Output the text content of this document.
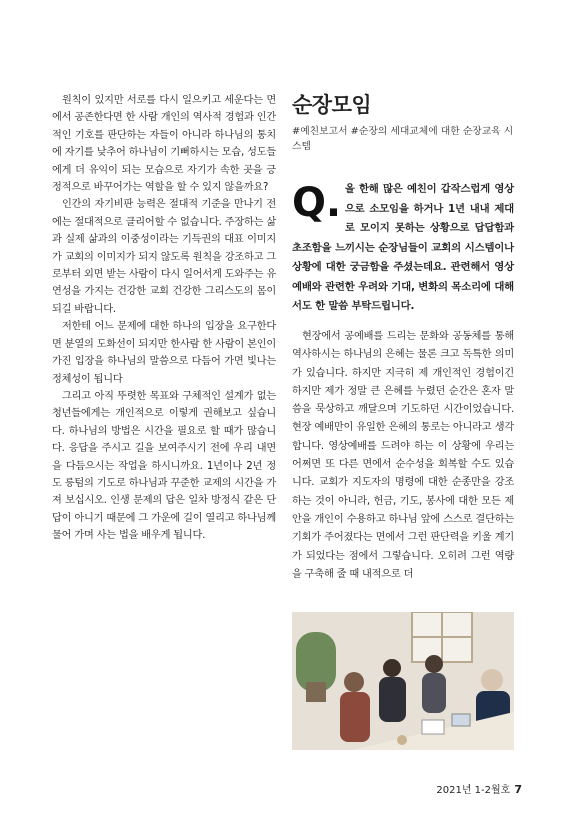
원칙이 있지만 서로를 다시 일으키고 세운다는 면에서 공존한다면 한 사람 개인의 역사적 경험과 인간적인 기호를 판단하는 자들이 아니라 하나님의 통치에 자기를 낮추어 하나님이 기뻐하시는 모습, 성도들에게 더 유익이 되는 모습으로 자기가 속한 곳을 긍정적으로 바꾸어가는 역할을 할 수 있지 않을까요?

인간의 자기비판 능력은 절대적 기준을 만나기 전에는 절대적으로 클리어할 수 없습니다. 주장하는 삶과 실제 삶과의 이중성이라는 기득권의 대표 이미지가 교회의 이미지가 되지 않도록 원칙을 강조하고 그로부터 외면 받는 사람이 다시 일어서게 도와주는 유연성을 가지는 건강한 교회 건강한 그리스도의 몸이 되길 바랍니다.

저한테 어느 문제에 대한 하나의 입장을 요구한다면 분열의 도화선이 되지만 한사람 한 사람이 본인이 가진 입장을 하나님의 말씀으로 다듬어 가면 빛나는 정체성이 됩니다

그리고 아직 뚜렷한 목표와 구체적인 설계가 없는 청년들에게는 개인적으로 이렇게 권해보고 싶습니다. 하나님의 방법은 시간을 필요로 할 때가 많습니다. 응답을 주시고 길을 보여주시기 전에 우리 내면을 다듬으시는 작업을 하시니까요. 1년이나 2년 정도 릉텀의 기도로 하나님과 꾸준한 교제의 시간을 가져 보십시오. 인생 문제의 답은 일차 방정식 같은 단답이 아니기 때문에 그 가운에 길이 열리고 하나님께 물어 가며 사는 법을 배우게 됩니다.

순장모임
#예친보고서 #순장의 세대교체에 대한 순장교육 시스템
Q. 올 한해 많은 예친이 갑작스럽게 영상으로 소모임을 하거나 1년 내내 제대로 모이지 못하는 상황으로 답답함과 초조함을 느끼시는 순장님들이 교회의 시스템이나 상황에 대한 궁금함을 주셨는데요. 관련해서 영상예배와 관련한 우려와 기대, 변화의 목소리에 대해서도 한 말씀 부탁드립니다.

현장에서 공예배를 드리는 문화와 공동체를 통해 역사하시는 하나님의 은혜는 물론 크고 독특한 의미가 있습니다. 하지만 지극히 제 개인적인 경험이긴 하지만 제가 정말 큰 은혜를 누렸던 순간은 혼자 말씀을 묵상하고 깨달으며 기도하던 시간이었습니다. 현장 예배만이 유일한 은혜의 통로는 아니라고 생각합니다. 영상예배를 드려야 하는 이 상황에 우리는 어쩌면 또 다른 면에서 순수성을 회복할 수도 있습니다. 교회가 지도자의 명령에 대한 순종만을 강조하는 것이 아니라, 헌금, 기도, 봉사에 대한 모든 제안을 개인이 수용하고 하나님 앞에 스스로 결단하는 기회가 주어졌다는 면에서 그런 판단력을 키울 계기가 되었다는 점에서 그렇습니다. 오히려 그런 역량을 구축해 줄 때 내적으로 더

2021년 1-2월호 7
